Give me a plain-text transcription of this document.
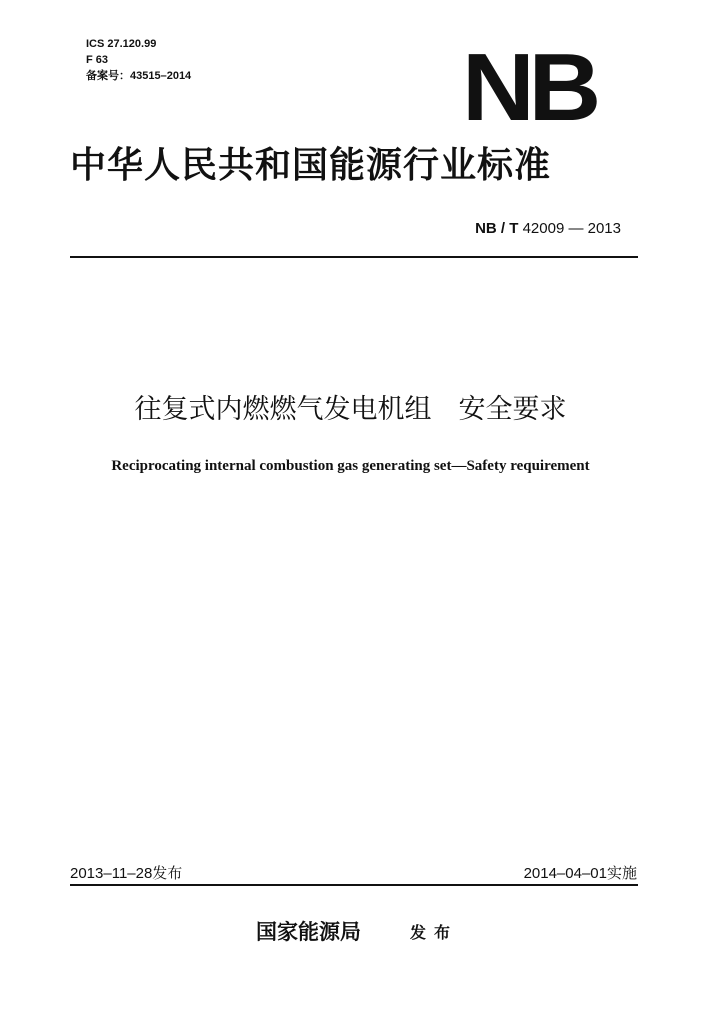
ICS 27.120.99
F 63
备案号：43515–2014	NB
中华人民共和国能源行业标准
NB / T 42009 — 2013
往复式内燃燃气发电机组　安全要求
Reciprocating internal combustion gas generating set—Safety requirement
2013–11–28发布	2014–04–01实施
国家能源局	发布
